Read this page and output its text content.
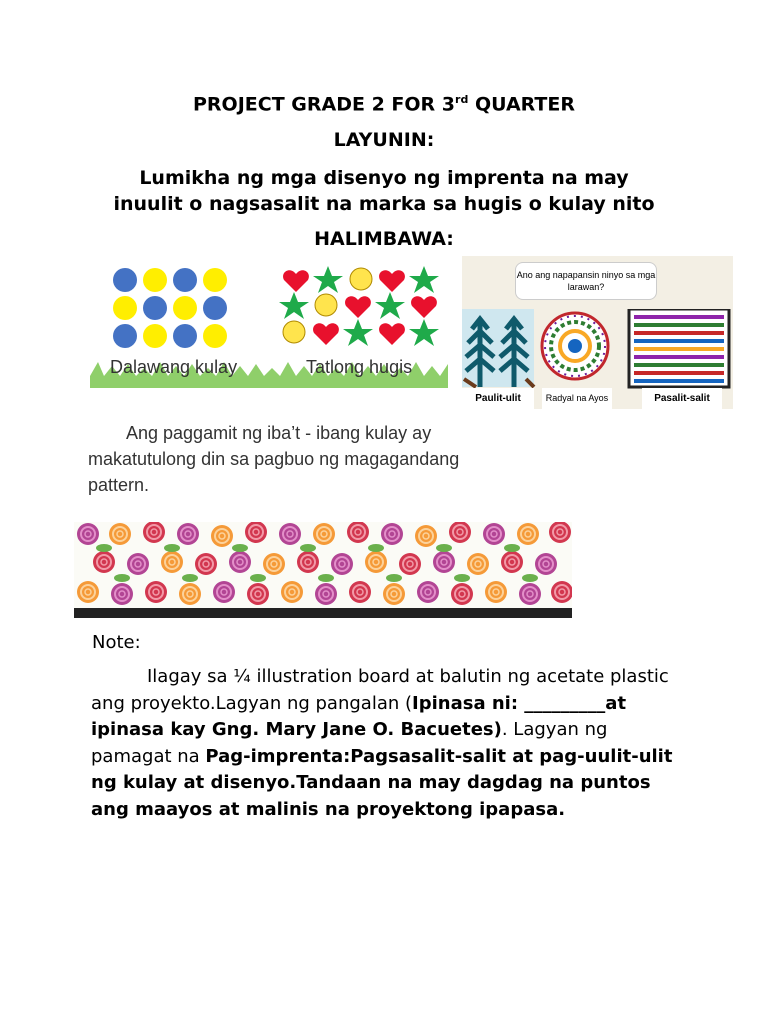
PROJECT GRADE 2 FOR 3rd QUARTER
LAYUNIN:
Lumikha ng mga disenyo ng imprenta na may
inuulit o nagsasalit na marka sa hugis o kulay nito
HALIMBAWA:
Dalawang kulay	Tatlong hugis
Ano ang napapansin ninyo sa mga larawan?
Paulit-ulit	Radyal na Ayos	Pasalit-salit
Ang paggamit ng iba’t - ibang kulay ay
makatutulong din sa pagbuo ng magagandang
pattern.
Note:
Ilagay sa ¼ illustration board at balutin ng acetate plastic ang proyekto.Lagyan ng pangalan (Ipinasa ni: _________at ipinasa kay Gng. Mary Jane O. Bacuetes). Lagyan ng pamagat na Pag-imprenta:Pagsasalit-salit at pag-uulit-ulit ng kulay at disenyo.Tandaan na may dagdag na puntos ang maayos at malinis na proyektong ipapasa.
